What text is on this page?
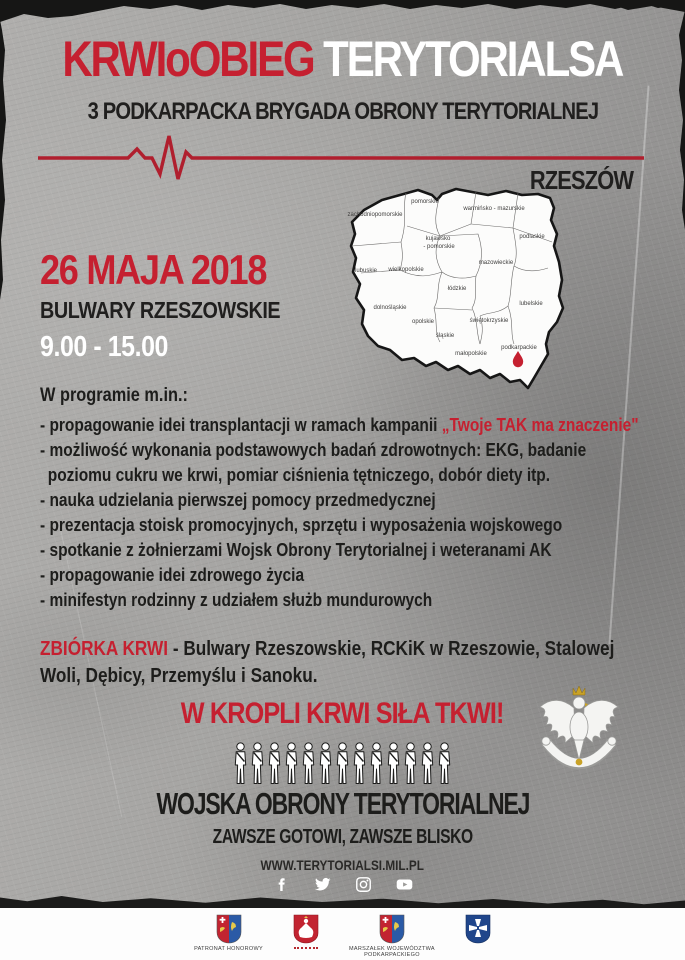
KRWIoOBIEG TERYTORIALSA
3 PODKARPACKA BRYGADA OBRONY TERYTORIALNEJ
RZESZÓW
zachodniopomorskie
pomorskie
warmińsko - mazurskie
podlaskie
kujawsko
- pomorskie
mazowieckie
lubuskie wielkopolskie
łódzkie
lubelskie
dolnośląskie
opolskie	świętokrzyskie
śląskie
małopolskie
podkarpackie
26 MAJA 2018
BULWARY RZESZOWSKIE
9.00 - 15.00
W programie m.in.:
- propagowanie idei transplantacji w ramach kampanii „Twoje TAK ma znaczenie"
- możliwość wykonania podstawowych badań zdrowotnych: EKG, badanie
poziomu cukru we krwi, pomiar ciśnienia tętniczego, dobór diety itp.
- nauka udzielania pierwszej pomocy przedmedycznej
- prezentacja stoisk promocyjnych, sprzętu i wyposażenia wojskowego
- spotkanie z żołnierzami Wojsk Obrony Terytorialnej i weteranami AK
- propagowanie idei zdrowego życia
- minifestyn rodzinny z udziałem służb mundurowych
ZBIÓRKA KRWI - Bulwary Rzeszowskie, RCKiK w Rzeszowie, Stalowej Woli, Dębicy, Przemyślu i Sanoku.
W KROPLI KRWI SIŁA TKWI!
WOJSKA OBRONY TERYTORIALNEJ
ZAWSZE GOTOWI, ZAWSZE BLISKO
WWW.TERYTORIALSI.MIL.PL
PATRONAT HONOROWY	MARSZAŁEK WOJEWÓDZTWA PODKARPACKIEGO
